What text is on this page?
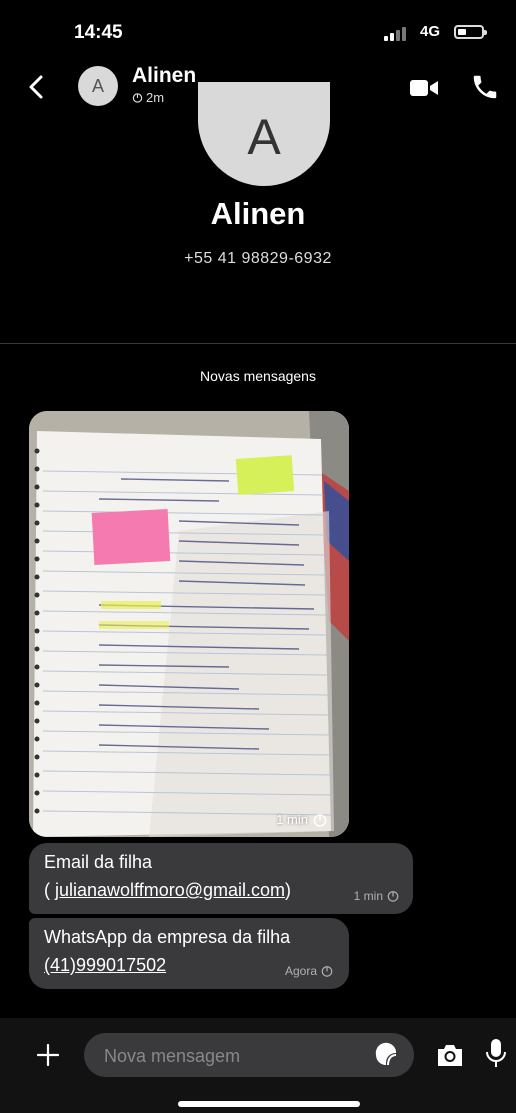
14:45	4G
A	Alinen
2m
A
Alinen
+55 41 98829-6932
Novas mensagens
1 min
Email da filha
( julianawolffmoro@gmail.com)	1 min
WhatsApp da empresa da filha
(41)999017502	Agora
Nova mensagem
